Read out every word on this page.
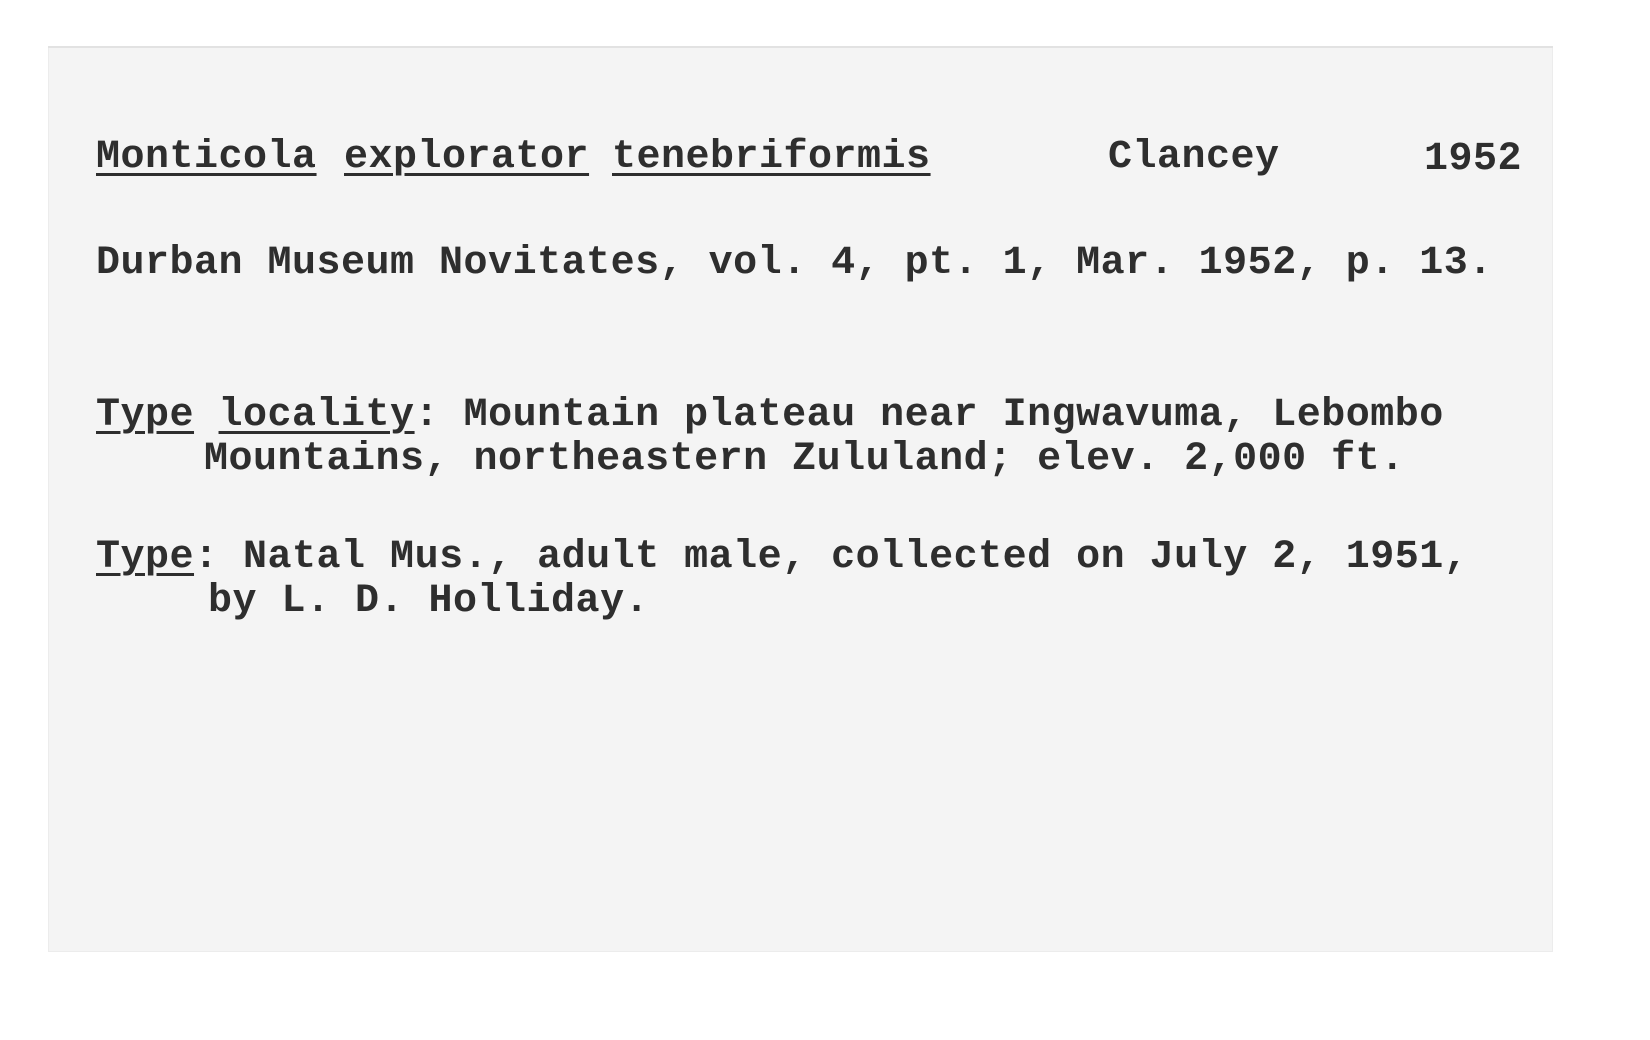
Monticola explorator tenebriformis	Clancey	1952
Durban Museum Novitates, vol. 4, pt. 1, Mar. 1952, p. 13.
Type locality: Mountain plateau near Ingwavuma, Lebombo
Mountains, northeastern Zululand; elev. 2,000 ft.
Type: Natal Mus., adult male, collected on July 2, 1951,
by L. D. Holliday.
